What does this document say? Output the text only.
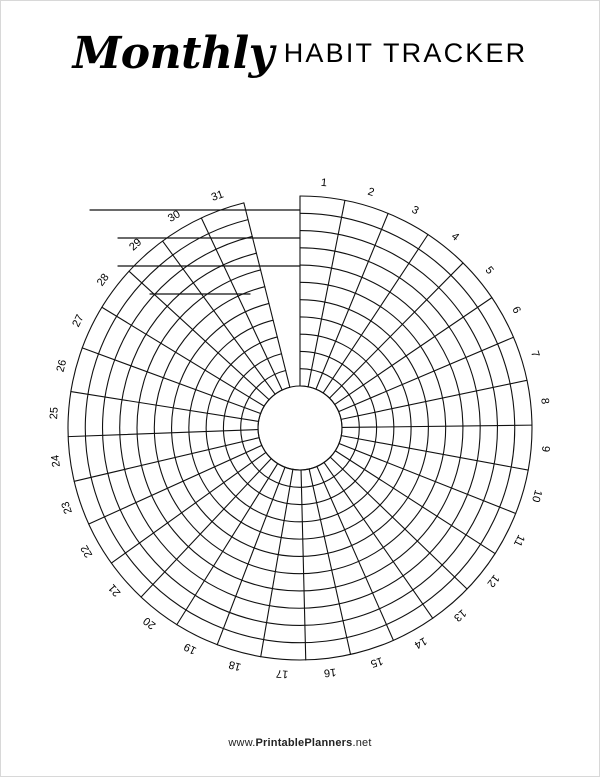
Monthly HABIT TRACKER
1
2
3
4
5
6
7
8
9
10
11
12
13
14
15
16
17
18
19
20
21
22
23
24
25
26
27
28
29
30
31
www.PrintablePlanners.net
